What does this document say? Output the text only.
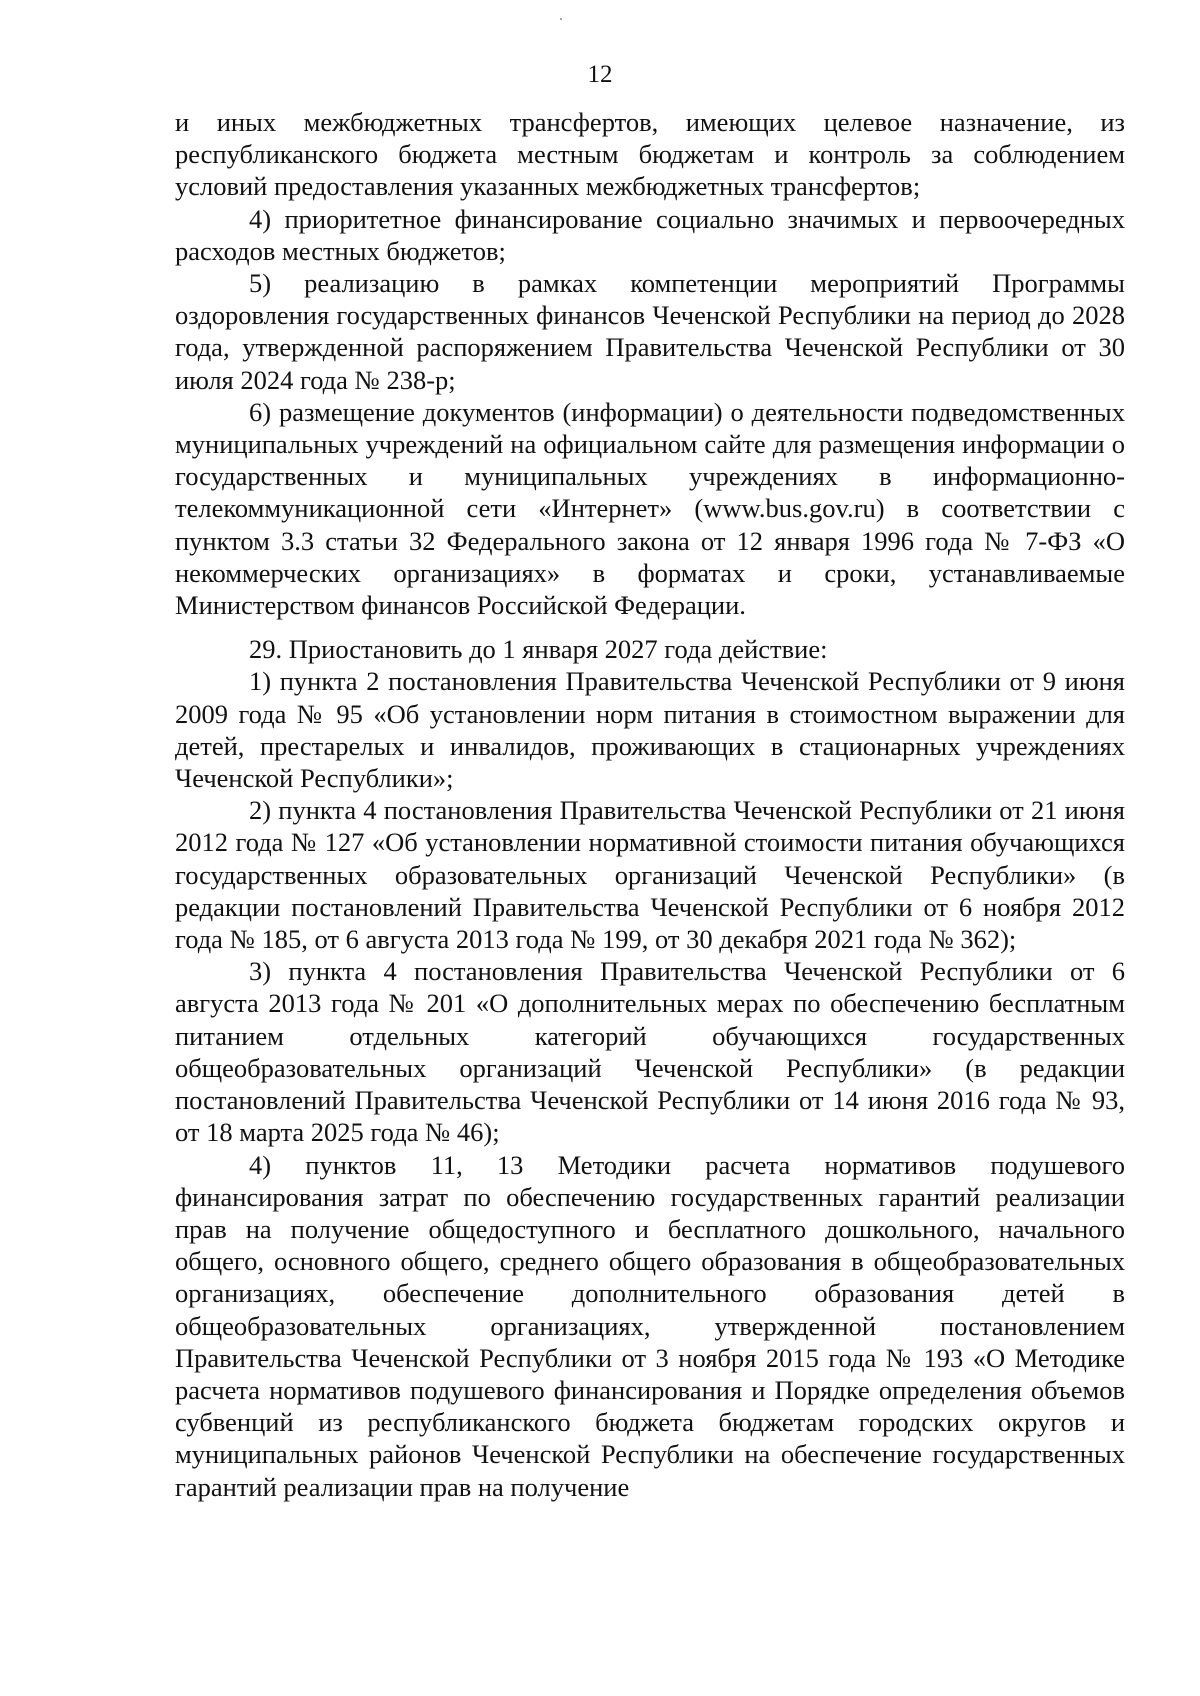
12

и иных межбюджетных трансфертов, имеющих целевое назначение, из республиканского бюджета местным бюджетам и контроль за соблюдением условий предоставления указанных межбюджетных трансфертов;

4) приоритетное финансирование социально значимых и первоочередных расходов местных бюджетов;

5) реализацию в рамках компетенции мероприятий Программы оздоровления государственных финансов Чеченской Республики на период до 2028 года, утвержденной распоряжением Правительства Чеченской Республики от 30 июля 2024 года № 238-р;

6) размещение документов (информации) о деятельности подведомственных муниципальных учреждений на официальном сайте для размещения информации о государственных и муниципальных учреждениях в информационно-телекоммуникационной сети «Интернет» (www.bus.gov.ru) в соответствии с пунктом 3.3 статьи 32 Федерального закона от 12 января 1996 года № 7-ФЗ «О некоммерческих организациях» в форматах и сроки, устанавливаемые Министерством финансов Российской Федерации.

29. Приостановить до 1 января 2027 года действие:

1) пункта 2 постановления Правительства Чеченской Республики от 9 июня 2009 года № 95 «Об установлении норм питания в стоимостном выражении для детей, престарелых и инвалидов, проживающих в стационарных учреждениях Чеченской Республики»;

2) пункта 4 постановления Правительства Чеченской Республики от 21 июня 2012 года № 127 «Об установлении нормативной стоимости питания обучающихся государственных образовательных организаций Чеченской Республики» (в редакции постановлений Правительства Чеченской Республики от 6 ноября 2012 года № 185, от 6 августа 2013 года № 199, от 30 декабря 2021 года № 362);

3) пункта 4 постановления Правительства Чеченской Республики от 6 августа 2013 года № 201 «О дополнительных мерах по обеспечению бесплатным питанием отдельных категорий обучающихся государственных общеобразовательных организаций Чеченской Республики» (в редакции постановлений Правительства Чеченской Республики от 14 июня 2016 года № 93, от 18 марта 2025 года № 46);

4) пунктов 11, 13 Методики расчета нормативов подушевого финансирования затрат по обеспечению государственных гарантий реализации прав на получение общедоступного и бесплатного дошкольного, начального общего, основного общего, среднего общего образования в общеобразовательных организациях, обеспечение дополнительного образования детей в общеобразовательных организациях, утвержденной постановлением Правительства Чеченской Республики от 3 ноября 2015 года № 193 «О Методике расчета нормативов подушевого финансирования и Порядке определения объемов субвенций из республиканского бюджета бюджетам городских округов и муниципальных районов Чеченской Республики на обеспечение государственных гарантий реализации прав на получение
